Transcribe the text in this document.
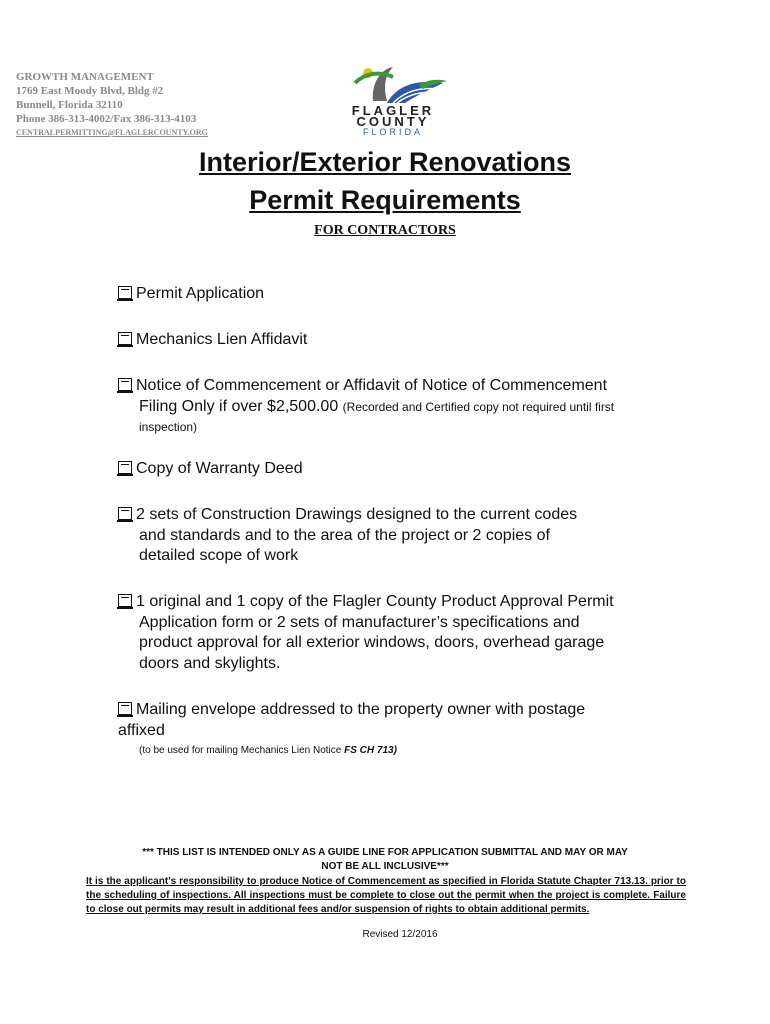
GROWTH MANAGEMENT
1769 East Moody Blvd, Bldg #2
Bunnell, Florida 32110
Phone 386-313-4002/Fax 386-313-4103
CENTRALPERMITTING@FLAGLERCOUNTY.ORG
FLAGLER
COUNTY
FLORIDA
Interior/Exterior Renovations
Permit Requirements
FOR CONTRACTORS
Permit Application
Mechanics Lien Affidavit
Notice of Commencement or Affidavit of Notice of Commencement
Filing Only if over $2,500.00 (Recorded and Certified copy not required until first
inspection)
Copy of Warranty Deed
2 sets of Construction Drawings designed to the current codes
and standards and to the area of the project or 2 copies of
detailed scope of work
1 original and 1 copy of the Flagler County Product Approval Permit
Application form or 2 sets of manufacturer’s specifications and
product approval for all exterior windows, doors, overhead garage
doors and skylights.
Mailing envelope addressed to the property owner with postage
affixed
(to be used for mailing Mechanics Lien Notice FS CH 713)
*** THIS LIST IS INTENDED ONLY AS A GUIDE LINE FOR APPLICATION SUBMITTAL AND MAY OR MAY
NOT BE ALL INCLUSIVE***
It is the applicant’s responsibility to produce Notice of Commencement as specified in Florida Statute Chapter 713.13. prior to the scheduling of inspections. All inspections must be complete to close out the permit when the project is complete. Failure to close out permits may result in additional fees and/or suspension of rights to obtain additional permits.
Revised 12/2016
